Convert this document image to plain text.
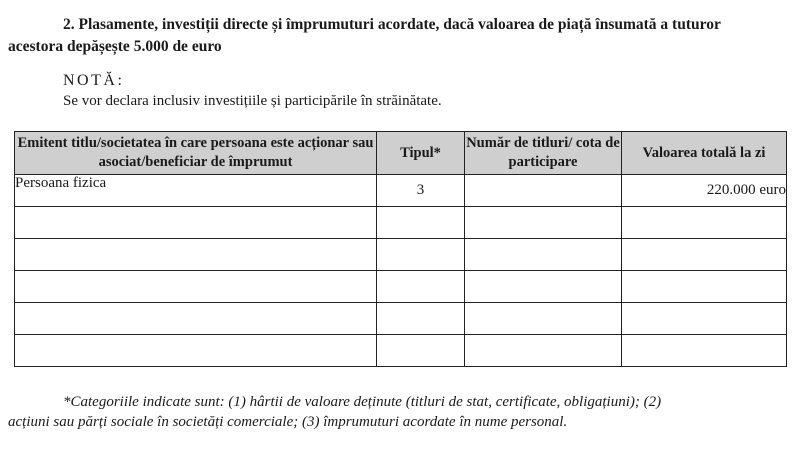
2. Plasamente, investiții directe și împrumuturi acordate, dacă valoarea de piață însumată a tuturor
acestora depășește 5.000 de euro
NOTĂ:
Se vor declara inclusiv investițiile și participările în străinătate.
Emitent titlu/societatea în care persoana este acționar sau asociat/beneficiar de împrumut	Tipul*	Număr de titluri/ cota de participare	Valoarea totală la zi
Persoana fizica	3		220.000 euro

*Categoriile indicate sunt: (1) hârtii de valoare deținute (titluri de stat, certificate, obligațiuni); (2)
acțiuni sau părți sociale în societăți comerciale; (3) împrumuturi acordate în nume personal.
